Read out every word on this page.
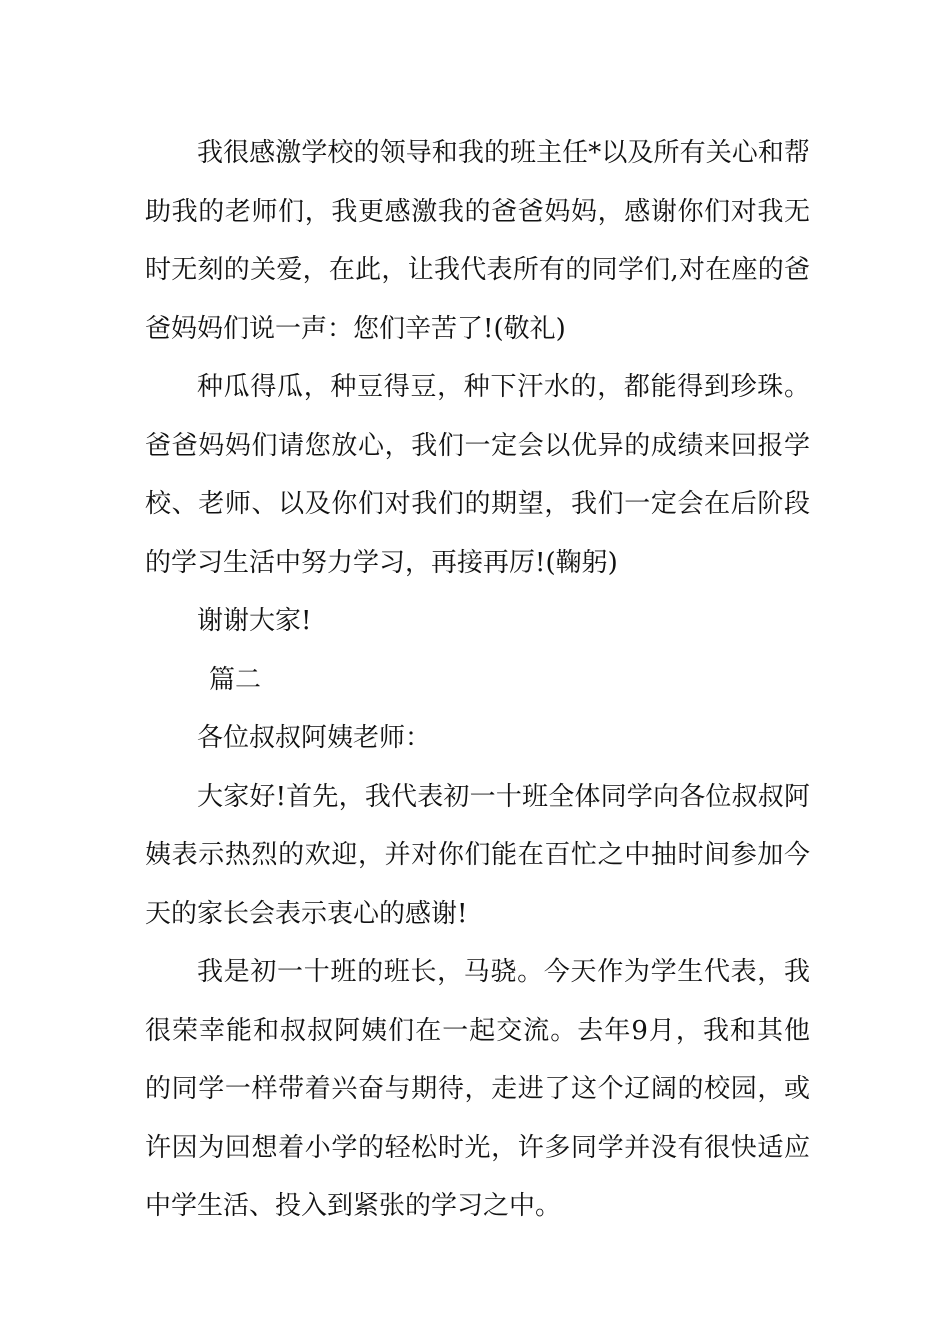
我很感激学校的领导和我的班主任*以及所有关心和帮助我的老师们，我更感激我的爸爸妈妈，感谢你们对我无时无刻的关爱，在此，让我代表所有的同学们,对在座的爸爸妈妈们说一声：您们辛苦了!(敬礼)

种瓜得瓜，种豆得豆，种下汗水的，都能得到珍珠。爸爸妈妈们请您放心，我们一定会以优异的成绩来回报学校、老师、以及你们对我们的期望，我们一定会在后阶段的学习生活中努力学习，再接再厉!(鞠躬)

谢谢大家!

篇二

各位叔叔阿姨老师：

大家好!首先，我代表初一十班全体同学向各位叔叔阿姨表示热烈的欢迎，并对你们能在百忙之中抽时间参加今天的家长会表示衷心的感谢!

我是初一十班的班长，马骁。今天作为学生代表，我很荣幸能和叔叔阿姨们在一起交流。去年9月，我和其他的同学一样带着兴奋与期待，走进了这个辽阔的校园，或许因为回想着小学的轻松时光，许多同学并没有很快适应中学生活、投入到紧张的学习之中。
